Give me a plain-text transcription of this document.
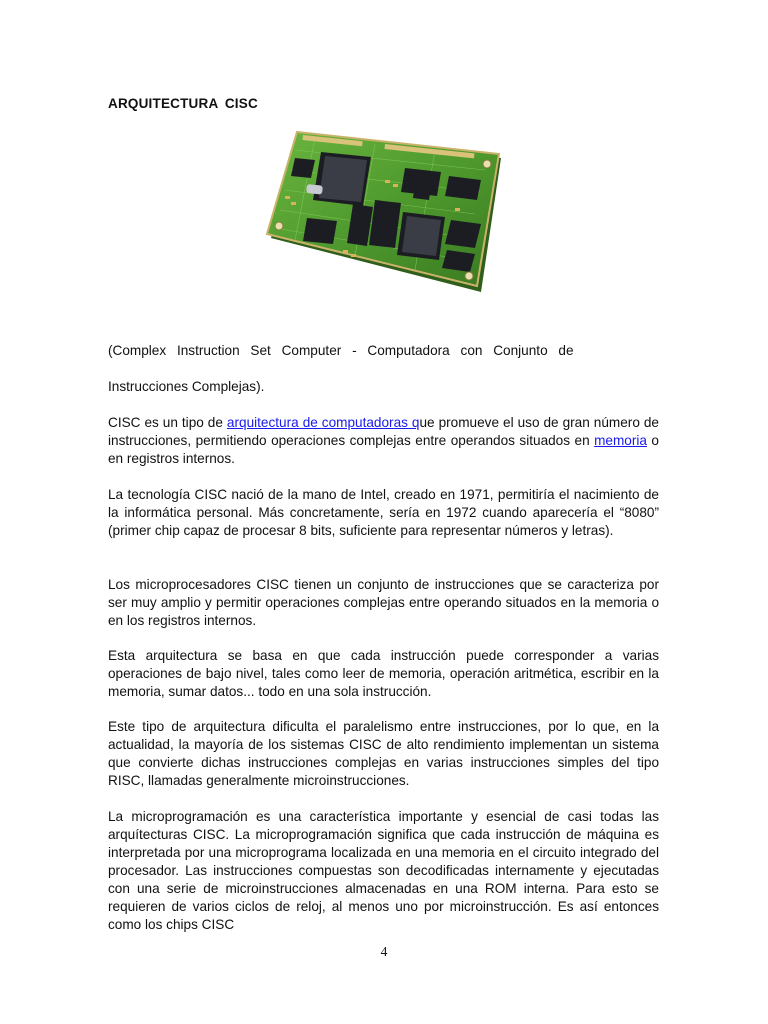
ARQUITECTURA CISC

(Complex Instruction Set Computer - Computadora con Conjunto de

Instrucciones Complejas).

CISC es un tipo de arquitectura de computadoras que promueve el uso de gran número de instrucciones, permitiendo operaciones complejas entre operandos situados en memoria o en registros internos.

La tecnología CISC nació de la mano de Intel, creado en 1971, permitiría el nacimiento de la informática personal. Más concretamente, sería en 1972 cuando aparecería el “8080” (primer chip capaz de procesar 8 bits, suficiente para representar números y letras).

Los microprocesadores CISC tienen un conjunto de instrucciones que se caracteriza por ser muy amplio y permitir operaciones complejas entre operando situados en la memoria o en los registros internos.

Esta arquitectura se basa en que cada instrucción puede corresponder a varias operaciones de bajo nivel, tales como leer de memoria, operación aritmética, escribir en la memoria, sumar datos... todo en una sola instrucción.

Este tipo de arquitectura dificulta el paralelismo entre instrucciones, por lo que, en la actualidad, la mayoría de los sistemas CISC de alto rendimiento implementan un sistema que convierte dichas instrucciones complejas en varias instrucciones simples del tipo RISC, llamadas generalmente microinstrucciones.

La microprogramación es una característica importante y esencial de casi todas las arquítecturas CISC. La microprogramación significa que cada instrucción de máquina es interpretada por una microprograma localizada en una memoria en el circuito integrado del procesador. Las instrucciones compuestas son decodificadas internamente y ejecutadas con una serie de microinstrucciones almacenadas en una ROM interna. Para esto se requieren de varios ciclos de reloj, al menos uno por microinstrucción. Es así entonces como los chips CISC

4
